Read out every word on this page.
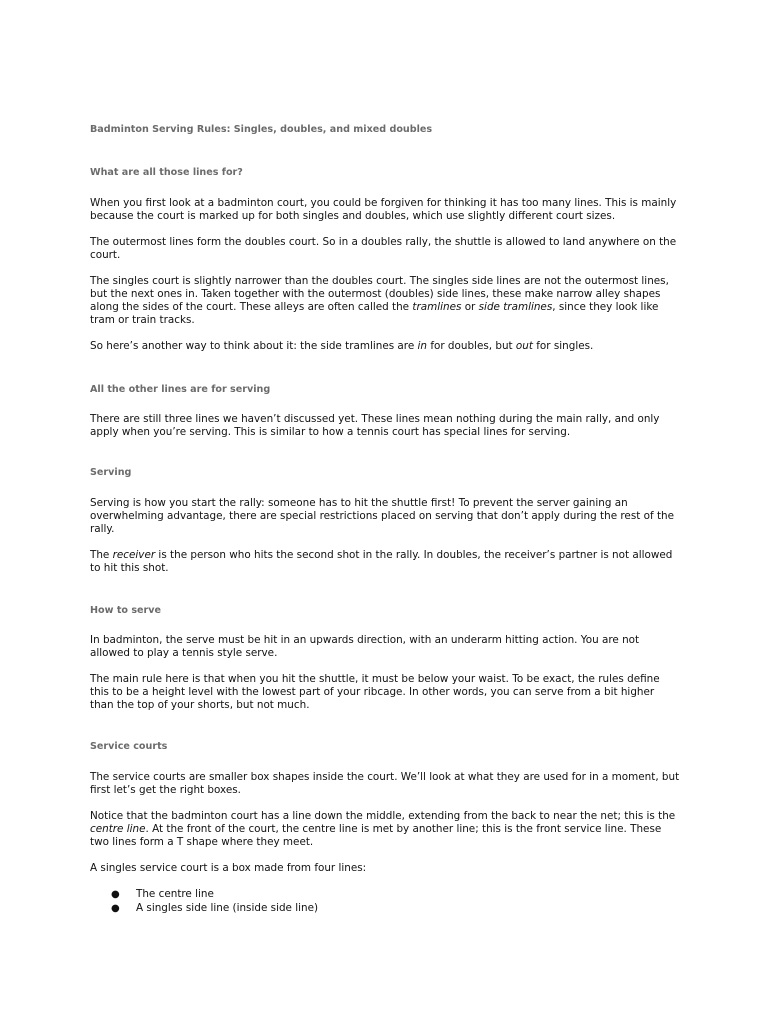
Badminton Serving Rules: Singles, doubles, and mixed doubles
What are all those lines for?

When you first look at a badminton court, you could be forgiven for thinking it has too many lines. This is mainly because the court is marked up for both singles and doubles, which use slightly different court sizes.

The outermost lines form the doubles court. So in a doubles rally, the shuttle is allowed to land anywhere on the court.

The singles court is slightly narrower than the doubles court. The singles side lines are not the outermost lines, but the next ones in. Taken together with the outermost (doubles) side lines, these make narrow alley shapes along the sides of the court. These alleys are often called the tramlines or side tramlines, since they look like tram or train tracks.

So here’s another way to think about it: the side tramlines are in for doubles, but out for singles.

All the other lines are for serving

There are still three lines we haven’t discussed yet. These lines mean nothing during the main rally, and only apply when you’re serving. This is similar to how a tennis court has special lines for serving.

Serving

Serving is how you start the rally: someone has to hit the shuttle first! To prevent the server gaining an overwhelming advantage, there are special restrictions placed on serving that don’t apply during the rest of the rally.

The receiver is the person who hits the second shot in the rally. In doubles, the receiver’s partner is not allowed to hit this shot.

How to serve

In badminton, the serve must be hit in an upwards direction, with an underarm hitting action. You are not allowed to play a tennis style serve.

The main rule here is that when you hit the shuttle, it must be below your waist. To be exact, the rules define this to be a height level with the lowest part of your ribcage. In other words, you can serve from a bit higher than the top of your shorts, but not much.

Service courts

The service courts are smaller box shapes inside the court. We’ll look at what they are used for in a moment, but first let’s get the right boxes.

Notice that the badminton court has a line down the middle, extending from the back to near the net; this is the centre line. At the front of the court, the centre line is met by another line; this is the front service line. These two lines form a T shape where they meet.

A singles service court is a box made from four lines:

● The centre line
● A singles side line (inside side line)
